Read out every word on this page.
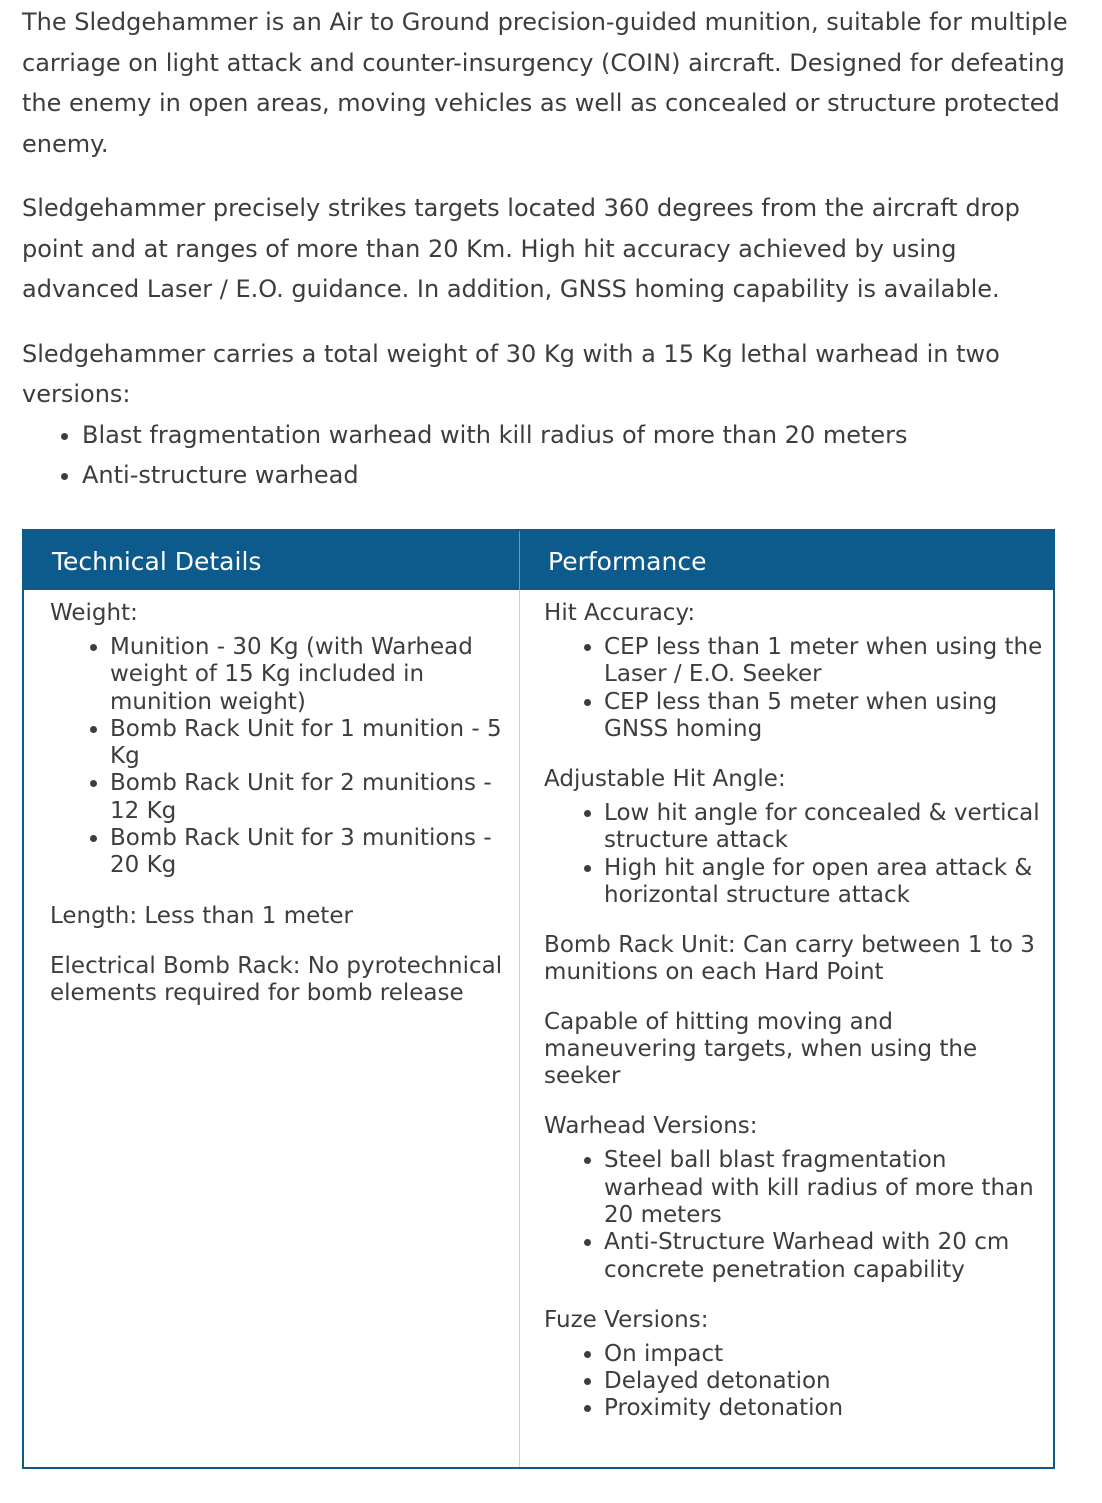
The Sledgehammer is an Air to Ground precision-guided munition, suitable for multiple carriage on light attack and counter-insurgency (COIN) aircraft. Designed for defeating the enemy in open areas, moving vehicles as well as concealed or structure protected enemy.

Sledgehammer precisely strikes targets located 360 degrees from the aircraft drop point and at ranges of more than 20 Km. High hit accuracy achieved by using advanced Laser / E.O. guidance. In addition, GNSS homing capability is available.

Sledgehammer carries a total weight of 30 Kg with a 15 Kg lethal warhead in two versions:

• Blast fragmentation warhead with kill radius of more than 20 meters
• Anti-structure warhead
Technical Details	Performance
Weight:
• Munition - 30 Kg (with Warhead weight of 15 Kg included in munition weight)
• Bomb Rack Unit for 1 munition - 5 Kg
• Bomb Rack Unit for 2 munitions - 12 Kg
• Bomb Rack Unit for 3 munitions - 20 Kg
Length: Less than 1 meter
Electrical Bomb Rack: No pyrotechnical elements required for bomb release
Hit Accuracy:
• CEP less than 1 meter when using the Laser / E.O. Seeker
• CEP less than 5 meter when using GNSS homing
Adjustable Hit Angle:
• Low hit angle for concealed & vertical structure attack
• High hit angle for open area attack & horizontal structure attack
Bomb Rack Unit: Can carry between 1 to 3 munitions on each Hard Point
Capable of hitting moving and maneuvering targets, when using the seeker
Warhead Versions:
• Steel ball blast fragmentation warhead with kill radius of more than 20 meters
• Anti-Structure Warhead with 20 cm concrete penetration capability
Fuze Versions:
• On impact
• Delayed detonation
• Proximity detonation
